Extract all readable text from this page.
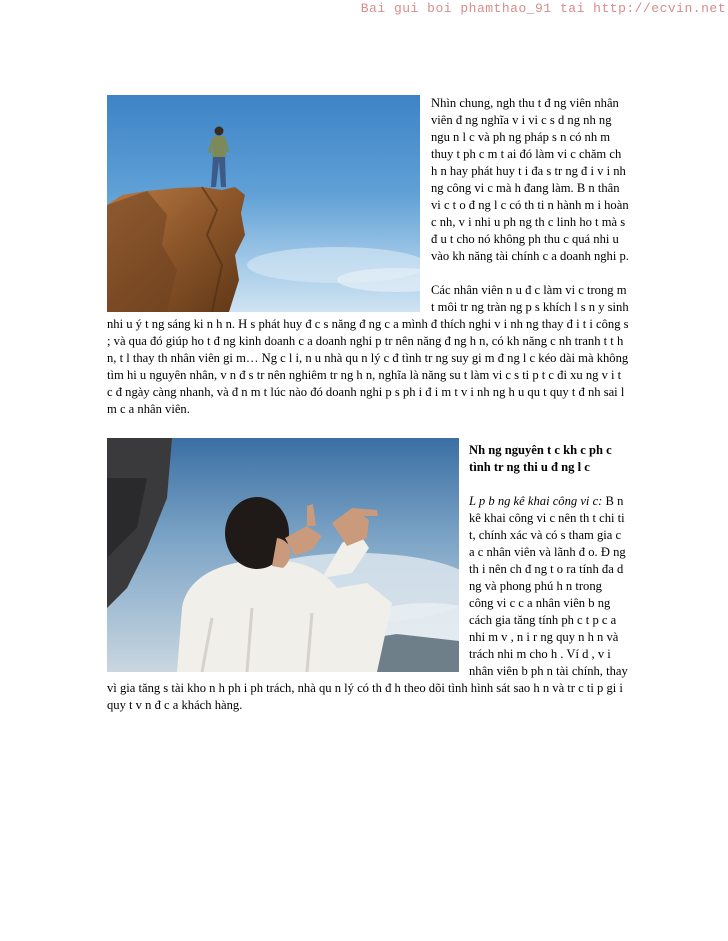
Bai gui boi phamthao_91 tai http://ecvin.net
Nhìn chung, ngh thu t đ ng viên nhân viên đ ng nghĩa v i vi c s d ng nh ng ngu n l c và ph ng pháp s n có nh m thuy t ph c m t ai đó làm vi c chăm ch h n hay phát huy t i đa s tr ng đ i v i nh ng công vi c mà h đang làm. B n thân vi c t o đ ng l c có th ti n hành m i hoàn c nh, v i nhi u ph ng th c linh ho t mà s đ u t cho nó không ph thu c quá nhi u vào kh năng tài chính c a doanh nghi p.
Các nhân viên n u đ c làm vi c trong m t môi tr ng tràn ng p s khích l s n y sinh nhi u ý t ng sáng ki n h n. H s phát huy đ c s năng đ ng c a mình đ thích nghi v i nh ng thay đ i t i công s ; và qua đó giúp ho t đ ng kinh doanh c a doanh nghi p tr nên năng đ ng h n, có kh năng c nh tranh t t h n, t l thay th nhân viên gi m… Ng c l i, n u nhà qu n lý c đ tình tr ng suy gi m đ ng l c kéo dài mà không tìm hi u nguyên nhân, v n đ s tr nên nghiêm tr ng h n, nghĩa là năng su t làm vi c s ti p t c đi xu ng v i t c đ ngày càng nhanh, và đ n m t lúc nào đó doanh nghi p s ph i đ i m t v i nh ng h u qu t quy t đ nh sai l m c a nhân viên.
Nh ng nguyên t c kh c ph c tình tr ng thi u đ ng l c
L p b ng kê khai công vi c: B n kê khai công vi c nên th t chi ti t, chính xác và có s tham gia c a c nhân viên và lãnh đ o. Đ ng th i nên ch đ ng t o ra tính đa d ng và phong phú h n trong công vi c c a nhân viên b ng cách gia tăng tính ph c t p c a nhi m v , n i r ng quy n h n và trách nhi m cho h . Ví d , v i nhân viên b ph n tài chính, thay vì gia tăng s tài kho n h ph i ph trách, nhà qu n lý có th đ h theo dõi tình hình sát sao h n và tr c ti p gi i quy t v n đ c a khách hàng.
